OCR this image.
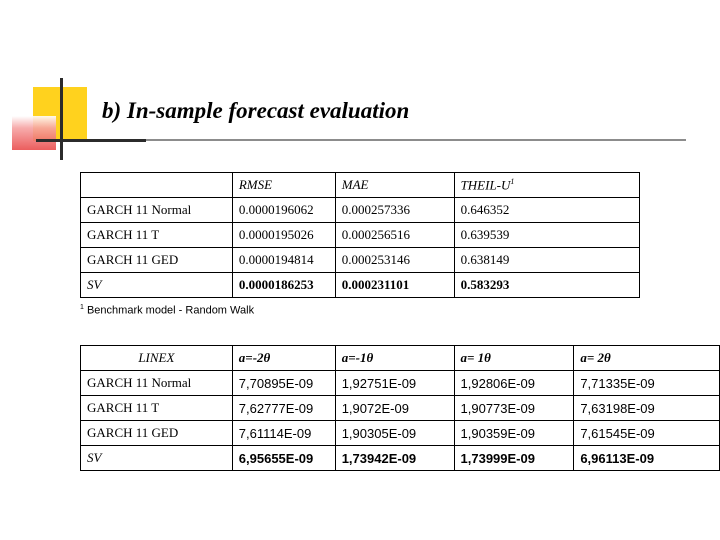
b) In-sample forecast evaluation
	RMSE	MAE	THEIL-$U^1$
GARCH 11 Normal	0.0000196062	0.000257336	0.646352
GARCH 11 T	0.0000195026	0.000256516	0.639539
GARCH 11 GED	0.0000194814	0.000253146	0.638149
SV	0.0000186253	0.000231101	0.583293
$^1$ Benchmark model - Random Walk
LINEX	a=-2θ	a=-1θ	a= 1θ	a= 2θ
GARCH 11 Normal	7,70895E-09	1,92751E-09	1,92806E-09	7,71335E-09
GARCH 11 T	7,62777E-09	1,9072E-09	1,90773E-09	7,63198E-09
GARCH 11 GED	7,61114E-09	1,90305E-09	1,90359E-09	7,61545E-09
SV	6,95655E-09	1,73942E-09	1,73999E-09	6,96113E-09
